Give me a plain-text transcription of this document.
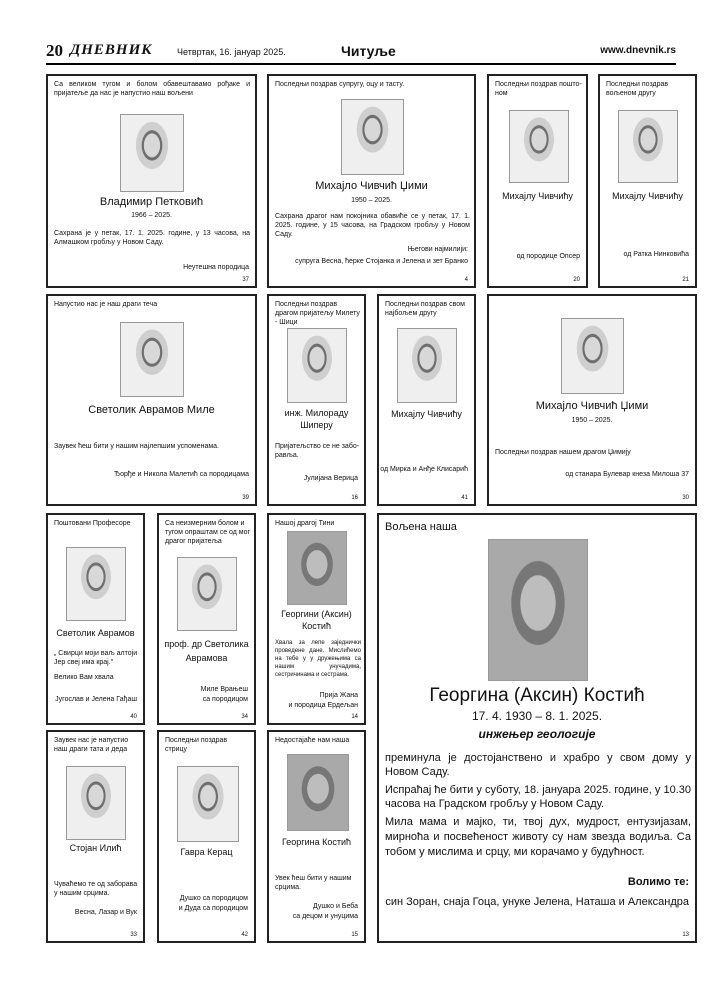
20 ДНЕВНИК	Четвртак, 16. јануар 2025.	Читуље	www.dnevnik.rs
Са великом тугом и болом обавештавамо рођаке и пријатеље да нас је напустио наш вољени
Владимир Петковић
1966 – 2025.
Сахрана је у петак, 17. 1. 2025. године, у 13 часова, на Алмашком гробљу у Новом Саду.
Неутешна породица
37
Последњи поздрав супругу, оцу и тасту.
Михајло Чивчић Џими
1950 – 2025.
Сахрана драгог нам покојника обавиће се у петак, 17. 1. 2025. године, у 15 часова, на Градском гробљу у Новом Саду.
Његови најмилији:
супруга Весна, ћерке Стојанка и Јелена и зет Бранко
4
Последњи поздрав пошто-ном
Михајлу Чивчићу
од породице Опсер
20
Последњи поздрав вољеном другу
Михајлу Чивчићу
од Ратка Нинковића
21
Напустио нас је наш драги теча
Светолик Аврамов Миле
Заувек ћеш бити у нашим најлепшим успоменама.
Ђорђе и Никола Малетић са породицама
39
Последњи поздрав драгом пријатељу Милету - Шици
инж. Милораду
Шиперу
Пријатељство се не забо-равља.
Јулијана Верица
16
Последњи поздрав свом најбољем другу
Михајлу Чивчићу
од Мирка и Анђе Клисарић
41
Михајло Чивчић Џими
1950 – 2025.
Последњи поздрав нашем драгом Џимију
од станара Булевар кнеза Милоша 37
30
Поштовани Професоре
Светолик Аврамов
„ Свирци моји ваљ алтоји
Јер свеј има крај."
Велико Вам хвала
Југослав и Јелена Гађаш
40
Са неизмерним болом и тугом опраштам се од мог драгог пријатеља
проф. др Светолика
Аврамова
Миле Врањеш
са породицом
34
Нашој драгој Тини
Георгини (Аксин)
Костић
Хвала за лепе заједнички проведене дане. Мислићемо на тебе у у дружењима са нашим унучадима, сестричинама и сестрама.
Прија Жана
и породица Ердељан
14
Вољена наша
Георгина (Аксин) Костић
17. 4. 1930 – 8. 1. 2025.
инжењер геологије
преминула је достојанствено и храбро у свом дому у Новом Саду.
Испраћај ће бити у суботу, 18. јануара 2025. године, у 10.30 часова на Градском гробљу у Новом Саду.
Мила мама и мајко, ти, твој дух, мудрост, ентузијазам, мирноћа и посвећеност животу су нам звезда водиља. Са тобом у мислима и срцу, ми корачамо у будућност.
Волимо те:
син Зоран, снаја Гоца, унуке Јелена, Наташа и Александра
13
Заувек нас је напустио наш драги тата и деда
Стојан Илић
Чуваћемо те од заборава у нашим срцима.
Весна, Лазар и Вук
33
Последњи поздрав стрицу
Гавра Керац
Душко са породицом
и Дуда са породицом
42
Недостајаће нам наша
Георгина Костић
Увек ћеш бити у нашим срцима.
Душко и Беба
са децом и унуцима
15
